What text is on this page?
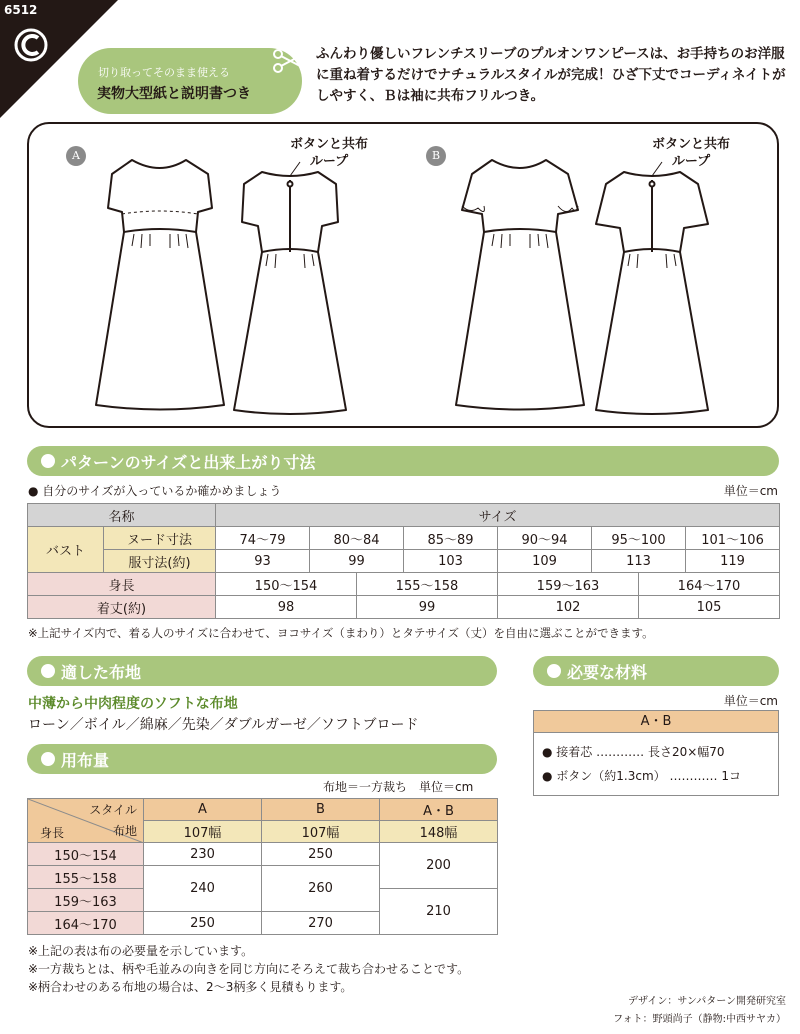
6512
切り取ってそのまま使える
実物大型紙と説明書つき
ふんわり優しいフレンチスリーブのプルオンワンピースは、お手持ちのお洋服に重ね着するだけでナチュラルスタイルが完成！ひざ下丈でコーディネイトがしやすく、Ｂは袖に共布フリルつき。
A
ボタンと共布
ループ	B
ボタンと共布
ループ
パターンのサイズと出来上がり寸法
● 自分のサイズが入っているか確かめましょう	単位＝cm
名称		サイズ					
バスト	ヌード寸法	74〜79	80〜84	85〜89	90〜94	95〜100	101〜106
	服寸法(約)	93	99	103	109	113	119
身長	150〜154	155〜158	159〜163	164〜170
着丈(約)	98	99	102	105
※上記サイズ内で、着る人のサイズに合わせて、ヨコサイズ（まわり）とタテサイズ（丈）を自由に選ぶことができます。
適した布地
中薄から中肉程度のソフトな布地
ローン／ボイル／綿麻／先染／ダブルガーゼ／ソフトブロード
必要な材料
単位＝cm
A・B
● 接着芯 ………… 長さ20×幅70
● ボタン（約1.3cm） ………… 1コ
用布量
布地＝一方裁ち　単位＝cm
スタイル
布地
身長	A	B	A・B
	107幅	107幅	148幅
150〜154	230	250	200
155〜158	240	260	
159〜163			210
164〜170	250	270	
※上記の表は布の必要量を示しています。
※一方裁ちとは、柄や毛並みの向きを同じ方向にそろえて裁ち合わせることです。
※柄合わせのある布地の場合は、2〜3柄多く見積もります。
デザイン：サンパターン開発研究室
フォト：野頭尚子（静物:中西サヤカ）
